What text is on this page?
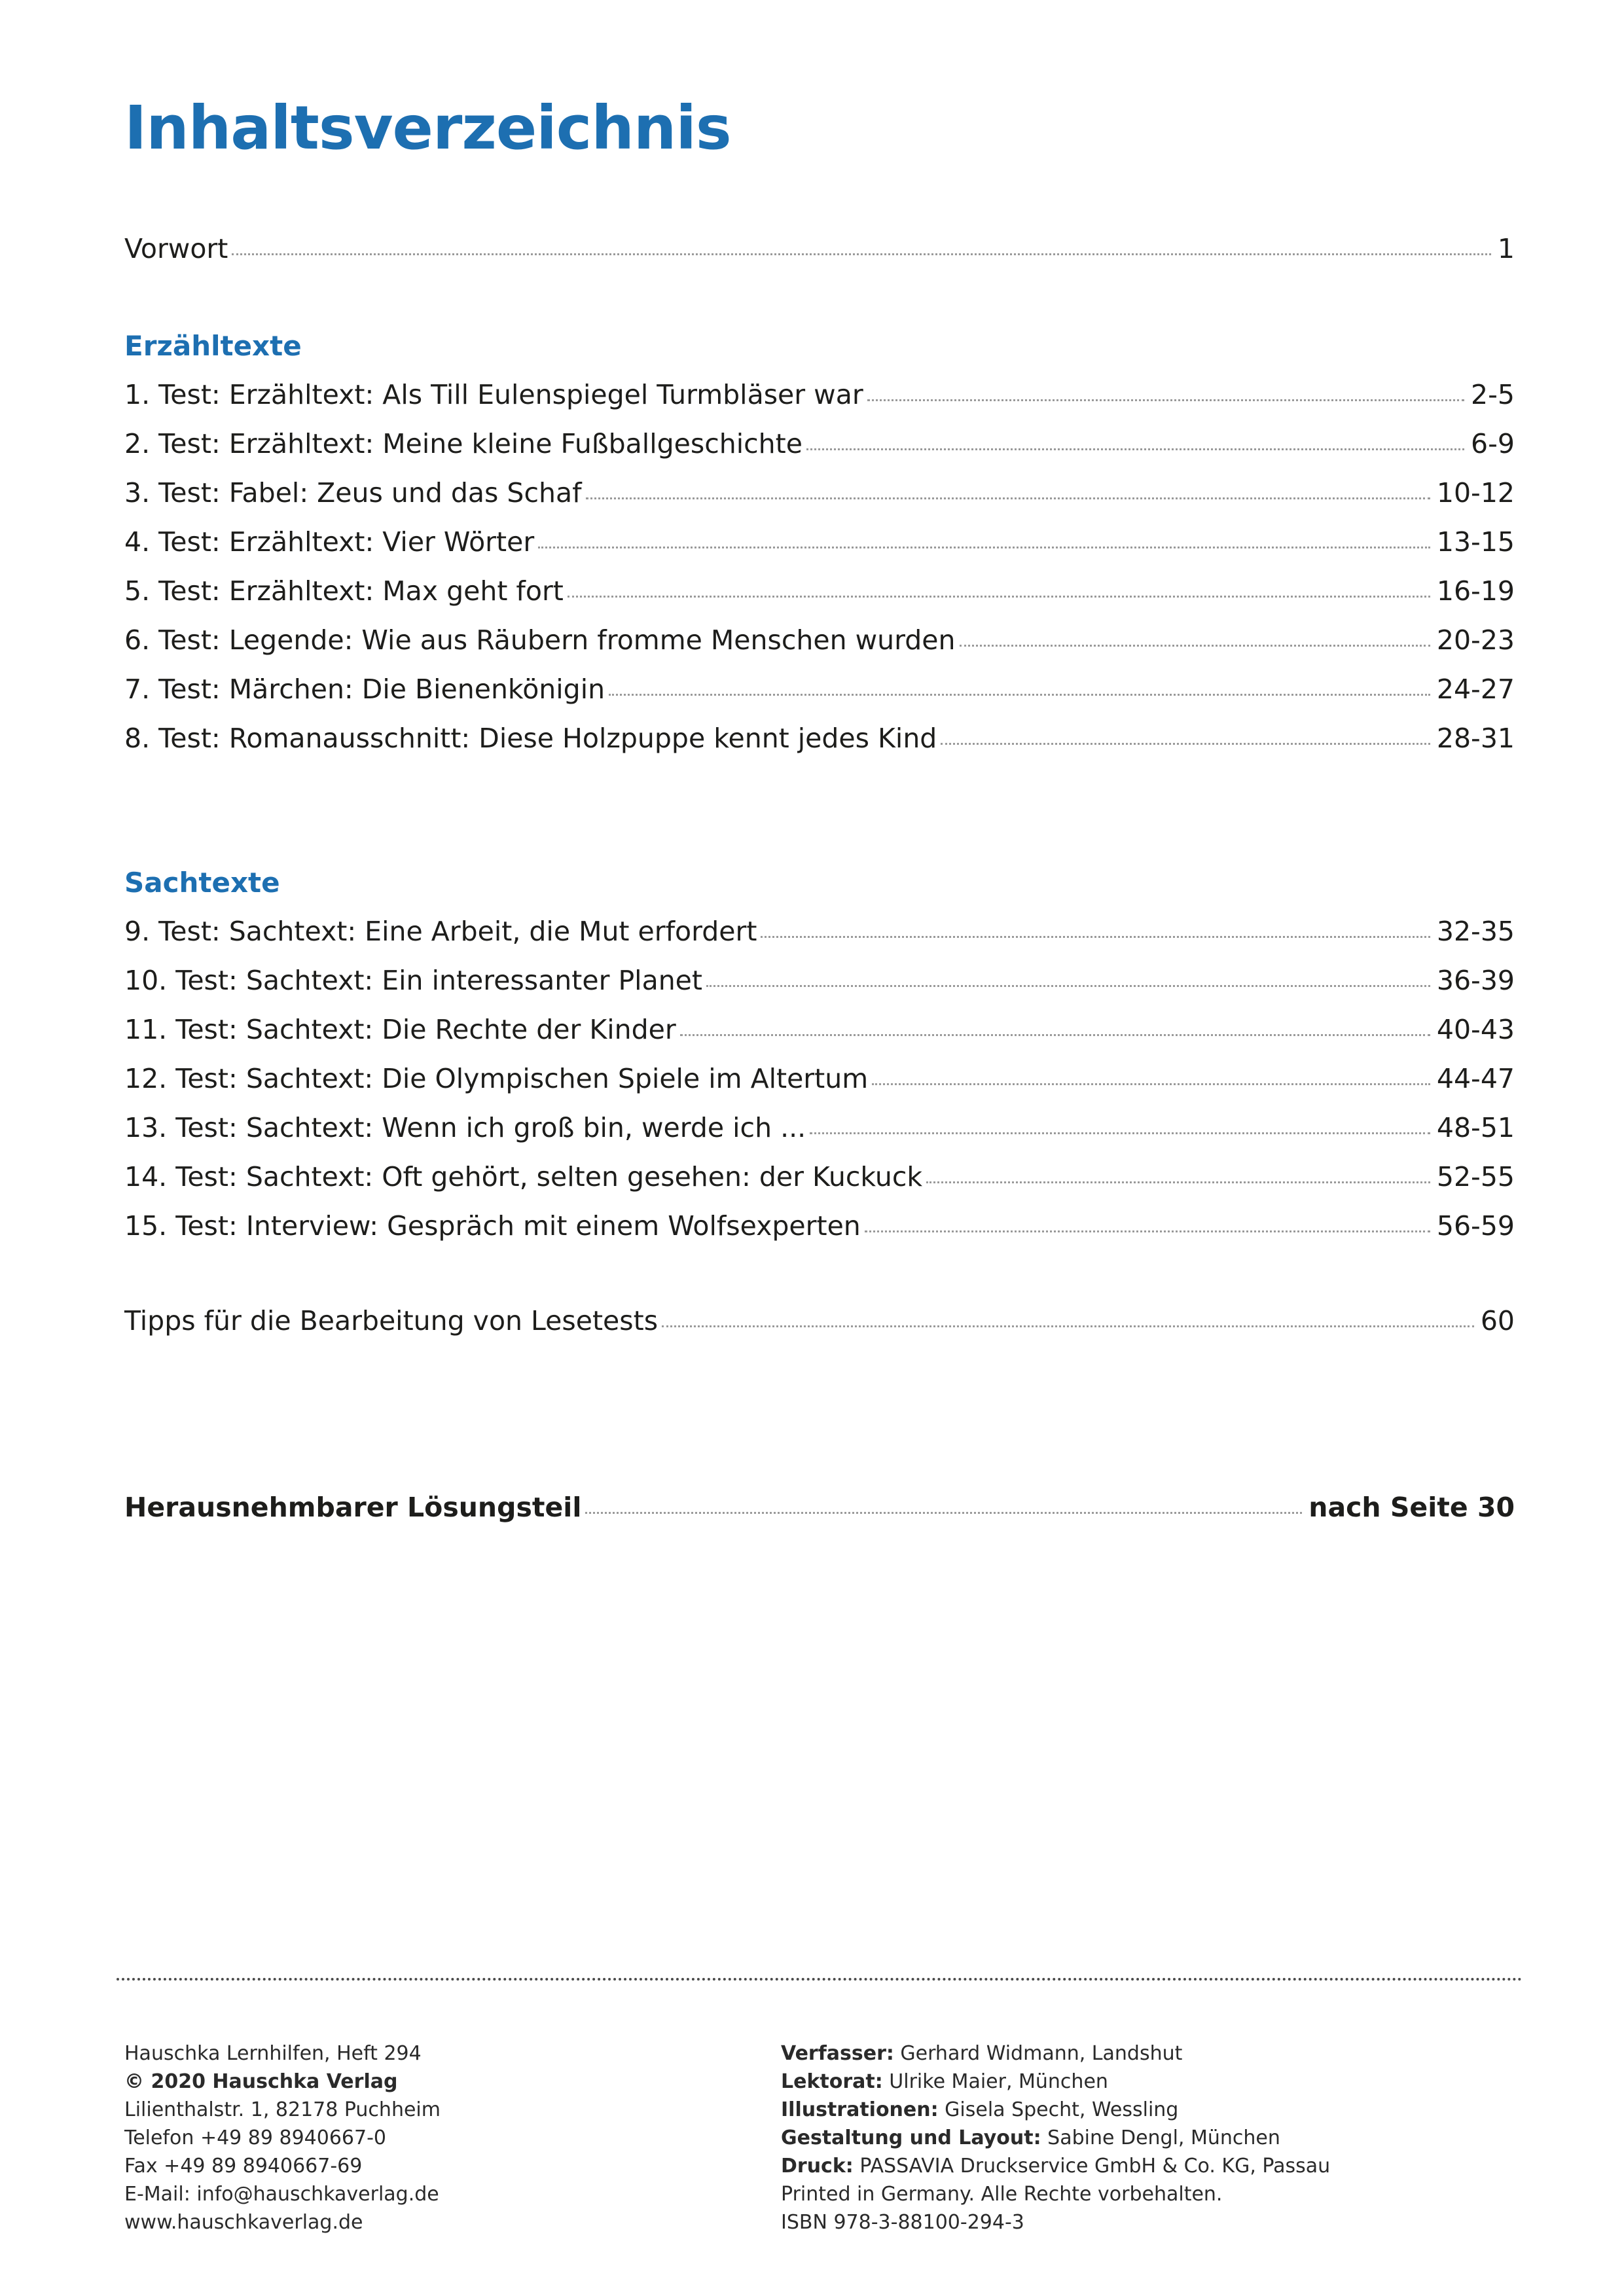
Inhaltsverzeichnis
Vorwort	1
Erzähltexte
1. Test: Erzähltext: Als Till Eulenspiegel Turmbläser war	2-5
2. Test: Erzähltext: Meine kleine Fußballgeschichte	6-9
3. Test: Fabel: Zeus und das Schaf	10-12
4. Test: Erzähltext: Vier Wörter	13-15
5. Test: Erzähltext: Max geht fort	16-19
6. Test: Legende: Wie aus Räubern fromme Menschen wurden	20-23
7. Test: Märchen: Die Bienenkönigin	24-27
8. Test: Romanausschnitt: Diese Holzpuppe kennt jedes Kind	28-31
Sachtexte
9. Test: Sachtext: Eine Arbeit, die Mut erfordert	32-35
10. Test: Sachtext: Ein interessanter Planet	36-39
11. Test: Sachtext: Die Rechte der Kinder	40-43
12. Test: Sachtext: Die Olympischen Spiele im Altertum	44-47
13. Test: Sachtext: Wenn ich groß bin, werde ich ...	48-51
14. Test: Sachtext: Oft gehört, selten gesehen: der Kuckuck	52-55
15. Test: Interview: Gespräch mit einem Wolfsexperten	56-59
Tipps für die Bearbeitung von Lesetests	60
Herausnehmbarer Lösungsteil	nach Seite 30
Hauschka Lernhilfen, Heft 294
© 2020 Hauschka Verlag
Lilienthalstr. 1, 82178 Puchheim
Telefon +49 89 8940667-0
Fax +49 89 8940667-69
E-Mail: info@hauschkaverlag.de
www.hauschkaverlag.de
Verfasser: Gerhard Widmann, Landshut
Lektorat: Ulrike Maier, München
Illustrationen: Gisela Specht, Wessling
Gestaltung und Layout: Sabine Dengl, München
Druck: PASSAVIA Druckservice GmbH & Co. KG, Passau
Printed in Germany. Alle Rechte vorbehalten.
ISBN 978-3-88100-294-3
